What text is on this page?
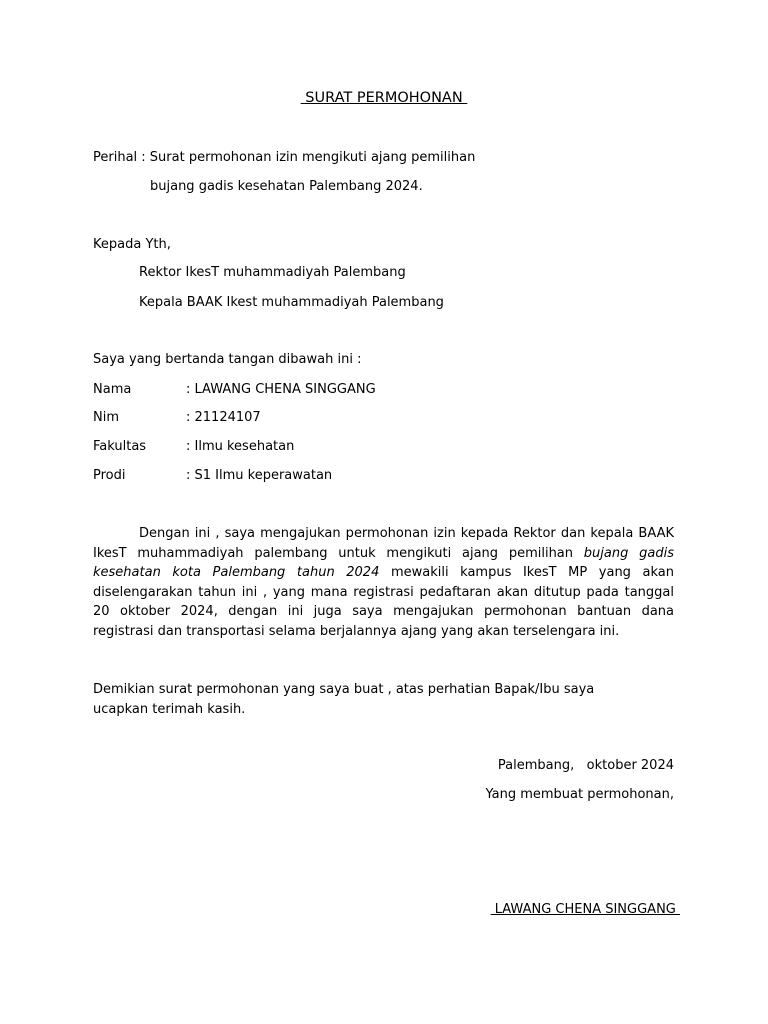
SURAT PERMOHONAN
Perihal : Surat permohonan izin mengikuti ajang pemilihan
bujang gadis kesehatan Palembang 2024.
Kepada Yth,
Rektor IkesT muhammadiyah Palembang
Kepala BAAK Ikest muhammadiyah Palembang
Saya yang bertanda tangan dibawah ini :
Nama	: LAWANG CHENA SINGGANG
Nim	: 21124107
Fakultas	: Ilmu kesehatan
Prodi	: S1 Ilmu keperawatan
Dengan ini , saya mengajukan permohonan izin kepada Rektor dan kepala BAAK IkesT muhammadiyah palembang untuk mengikuti ajang pemilihan bujang gadis kesehatan kota Palembang tahun 2024 mewakili kampus IkesT MP yang akan diselengarakan tahun ini , yang mana registrasi pedaftaran akan ditutup pada tanggal 20 oktober 2024, dengan ini juga saya mengajukan permohonan bantuan dana registrasi dan transportasi selama berjalannya ajang yang akan terselengara ini.
Demikian surat permohonan yang saya buat , atas perhatian Bapak/Ibu saya ucapkan terimah kasih.
Palembang,   oktober 2024
Yang membuat permohonan,
LAWANG CHENA SINGGANG
